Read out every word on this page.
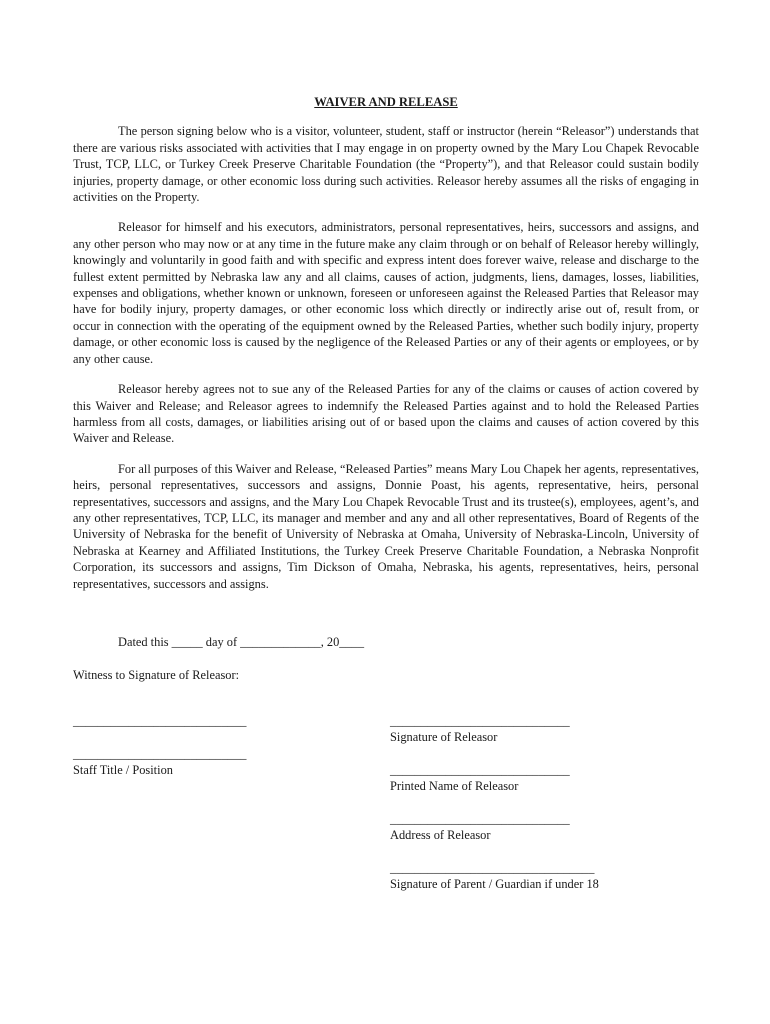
WAIVER AND RELEASE

The person signing below who is a visitor, volunteer, student, staff or instructor (herein “Releasor”) understands that there are various risks associated with activities that I may engage in on property owned by the Mary Lou Chapek Revocable Trust, TCP, LLC, or Turkey Creek Preserve Charitable Foundation (the “Property”), and that Releasor could sustain bodily injuries, property damage, or other economic loss during such activities. Releasor hereby assumes all the risks of engaging in activities on the Property.

Releasor for himself and his executors, administrators, personal representatives, heirs, successors and assigns, and any other person who may now or at any time in the future make any claim through or on behalf of Releasor hereby willingly, knowingly and voluntarily in good faith and with specific and express intent does forever waive, release and discharge to the fullest extent permitted by Nebraska law any and all claims, causes of action, judgments, liens, damages, losses, liabilities, expenses and obligations, whether known or unknown, foreseen or unforeseen against the Released Parties that Releasor may have for bodily injury, property damages, or other economic loss which directly or indirectly arise out of, result from, or occur in connection with the operating of the equipment owned by the Released Parties, whether such bodily injury, property damage, or other economic loss is caused by the negligence of the Released Parties or any of their agents or employees, or by any other cause.

Releasor hereby agrees not to sue any of the Released Parties for any of the claims or causes of action covered by this Waiver and Release; and Releasor agrees to indemnify the Released Parties against and to hold the Released Parties harmless from all costs, damages, or liabilities arising out of or based upon the claims and causes of action covered by this Waiver and Release.

For all purposes of this Waiver and Release, “Released Parties” means Mary Lou Chapek her agents, representatives, heirs, personal representatives, successors and assigns, Donnie Poast, his agents, representative, heirs, personal representatives, successors and assigns, and the Mary Lou Chapek Revocable Trust and its trustee(s), employees, agent’s, and any other representatives, TCP, LLC, its manager and member and any and all other representatives, Board of Regents of the University of Nebraska for the benefit of University of Nebraska at Omaha, University of Nebraska-Lincoln, University of Nebraska at Kearney and Affiliated Institutions, the Turkey Creek Preserve Charitable Foundation, a Nebraska Nonprofit Corporation, its successors and assigns, Tim Dickson of Omaha, Nebraska, his agents, representatives, heirs, personal representatives, successors and assigns.

Dated this _____ day of _____________, 20____
Witness to Signature of Releasor:
____________________________
____________________________
Staff Title / Position
_____________________________
Signature of Releasor
_____________________________
Printed Name of Releasor
_____________________________
Address of Releasor
_________________________________
Signature of Parent / Guardian if under 18
